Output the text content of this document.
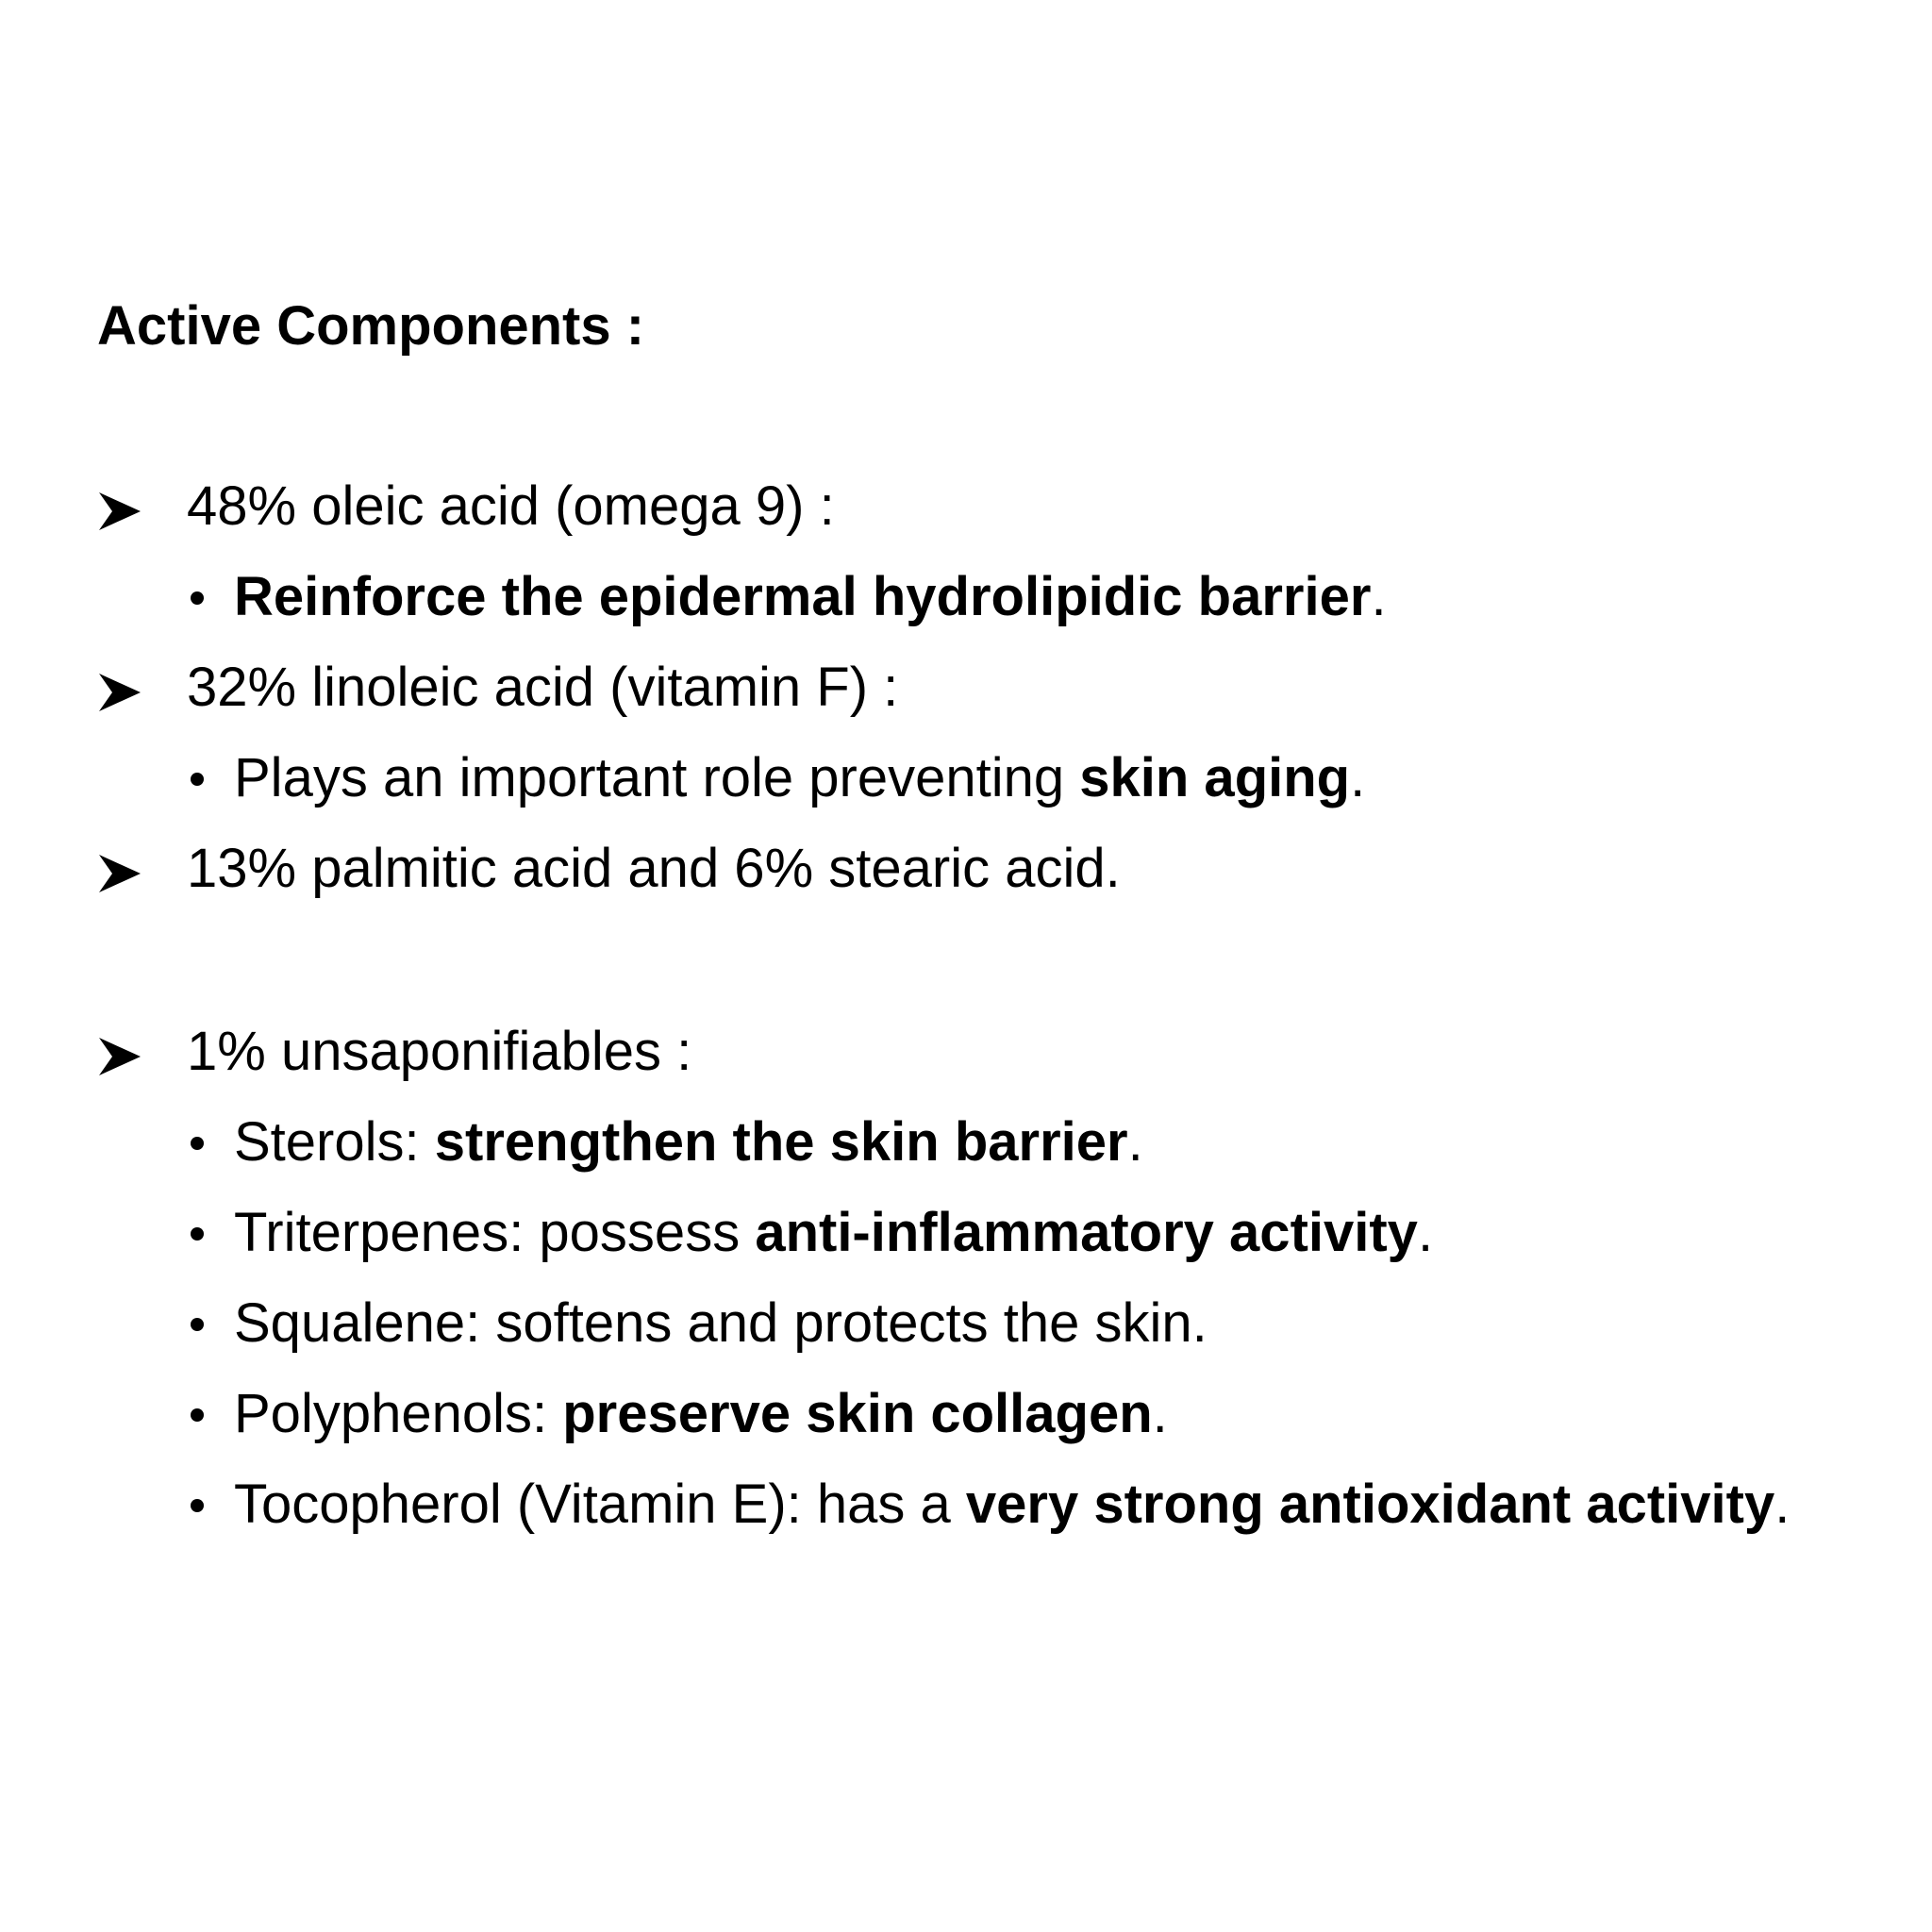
Active Components :
48% oleic acid (omega 9) :
Reinforce the epidermal hydrolipidic barrier.
32% linoleic acid (vitamin F) :
Plays an important role preventing skin aging.
13% palmitic acid and 6% stearic acid.
1% unsaponifiables :
Sterols: strengthen the skin barrier.
Triterpenes: possess anti-inflammatory activity.
Squalene: softens and protects the skin.
Polyphenols: preserve skin collagen.
Tocopherol (Vitamin E): has a very strong antioxidant activity.
